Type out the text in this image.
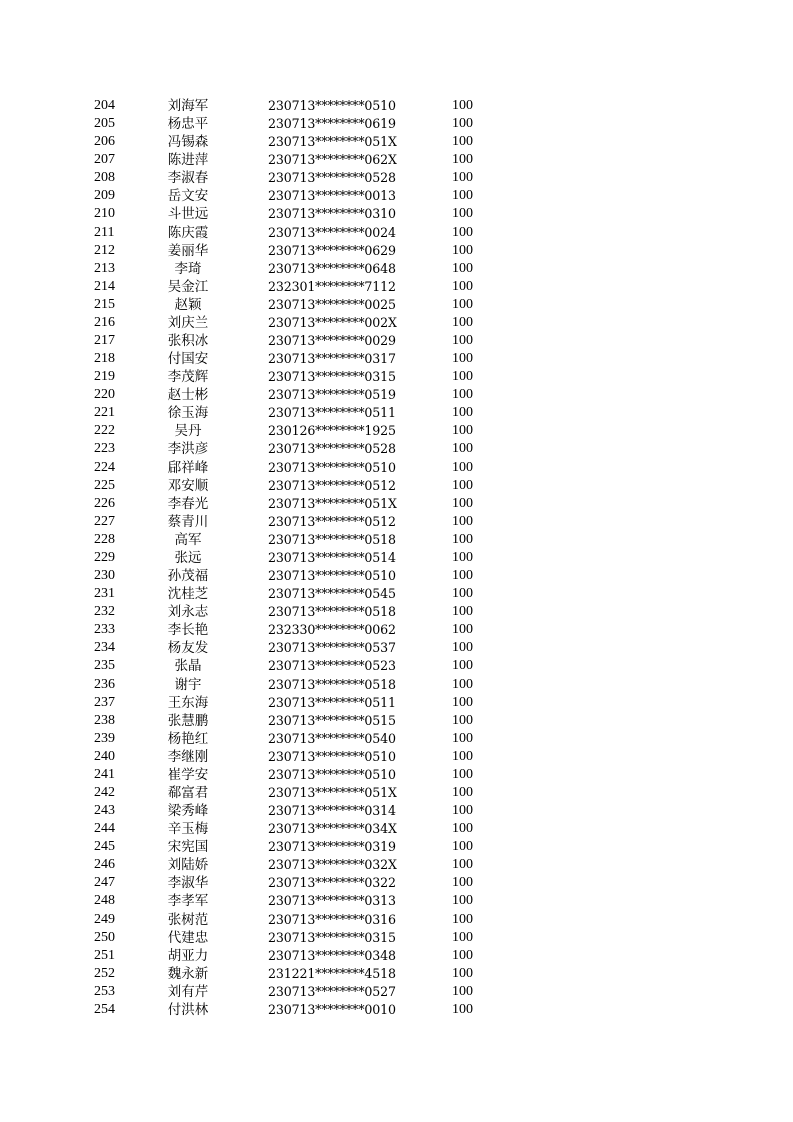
204	刘海军	230713********0510	100
205	杨忠平	230713********0619	100
206	冯锡森	230713********051X	100
207	陈进萍	230713********062X	100
208	李淑春	230713********0528	100
209	岳文安	230713********0013	100
210	斗世远	230713********0310	100
211	陈庆霞	230713********0024	100
212	姜丽华	230713********0629	100
213	李琦	230713********0648	100
214	吴金江	232301********7112	100
215	赵颖	230713********0025	100
216	刘庆兰	230713********002X	100
217	张积冰	230713********0029	100
218	付国安	230713********0317	100
219	李茂辉	230713********0315	100
220	赵士彬	230713********0519	100
221	徐玉海	230713********0511	100
222	吴丹	230126********1925	100
223	李洪彦	230713********0528	100
224	郈祥峰	230713********0510	100
225	邓安顺	230713********0512	100
226	李春光	230713********051X	100
227	蔡青川	230713********0512	100
228	高军	230713********0518	100
229	张远	230713********0514	100
230	孙茂福	230713********0510	100
231	沈桂芝	230713********0545	100
232	刘永志	230713********0518	100
233	李长艳	232330********0062	100
234	杨友发	230713********0537	100
235	张晶	230713********0523	100
236	谢宇	230713********0518	100
237	王东海	230713********0511	100
238	张慧鹏	230713********0515	100
239	杨艳红	230713********0540	100
240	李继刚	230713********0510	100
241	崔学安	230713********0510	100
242	郗富君	230713********051X	100
243	梁秀峰	230713********0314	100
244	辛玉梅	230713********034X	100
245	宋宪国	230713********0319	100
246	刘陆娇	230713********032X	100
247	李淑华	230713********0322	100
248	李孝军	230713********0313	100
249	张树范	230713********0316	100
250	代建忠	230713********0315	100
251	胡亚力	230713********0348	100
252	魏永新	231221********4518	100
253	刘有芹	230713********0527	100
254	付洪林	230713********0010	100
